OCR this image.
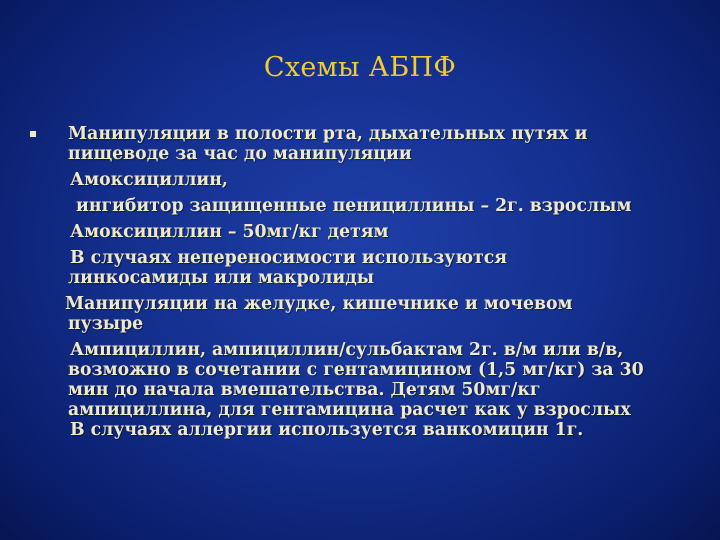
Схемы АБПФ

Манипуляции в полости рта, дыхательных путях и

пищеводе за час до манипуляции

Амоксициллин,

ингибитор защищенные пенициллины – 2г. взрослым

Амоксициллин – 50мг/кг детям

В случаях непереносимости используются

линкосамиды или макролиды

Манипуляции на желудке, кишечнике и мочевом

пузыре

Ампициллин, ампициллин/сульбактам 2г. в/м или в/в,

возможно в сочетании с гентамицином (1,5 мг/кг) за 30

мин до начала вмешательства. Детям 50мг/кг

ампициллина, для гентамицина расчет как у взрослых

В случаях аллергии используется ванкомицин 1г.
